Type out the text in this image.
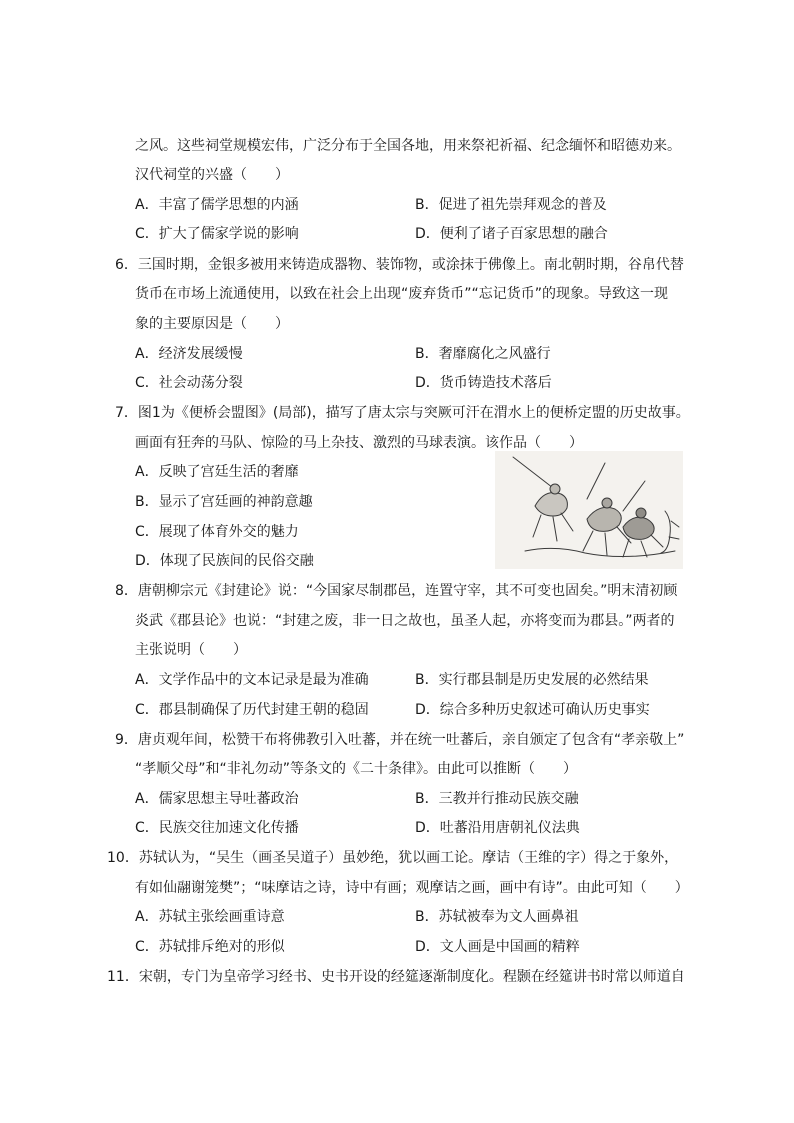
之风。这些祠堂规模宏伟，广泛分布于全国各地，用来祭祀祈福、纪念缅怀和昭德劝来。
汉代祠堂的兴盛（　　）
A．丰富了儒学思想的内涵	B．促进了祖先崇拜观念的普及
C．扩大了儒家学说的影响	D．便利了诸子百家思想的融合
6．三国时期，金银多被用来铸造成器物、装饰物，或涂抹于佛像上。南北朝时期，谷帛代替
货币在市场上流通使用，以致在社会上出现“废弃货币”“忘记货币”的现象。导致这一现
象的主要原因是（　　）
A．经济发展缓慢	B．奢靡腐化之风盛行
C．社会动荡分裂	D．货币铸造技术落后
7．图1为《便桥会盟图》(局部)，描写了唐太宗与突厥可汗在渭水上的便桥定盟的历史故事。
画面有狂奔的马队、惊险的马上杂技、激烈的马球表演。该作品（　　）
A．反映了宫廷生活的奢靡
B．显示了宫廷画的神韵意趣
C．展现了体育外交的魅力
D．体现了民族间的民俗交融
8．唐朝柳宗元《封建论》说：“今国家尽制郡邑，连置守宰，其不可变也固矣。”明末清初顾
炎武《郡县论》也说：“封建之废，非一日之故也，虽圣人起，亦将变而为郡县。”两者的
主张说明（　　）
A．文学作品中的文本记录是最为准确	B．实行郡县制是历史发展的必然结果
C．郡县制确保了历代封建王朝的稳固	D．综合多种历史叙述可确认历史事实
9．唐贞观年间，松赞干布将佛教引入吐蕃，并在统一吐蕃后，亲自颁定了包含有“孝亲敬上”
“孝顺父母”和“非礼勿动”等条文的《二十条律》。由此可以推断（　　）
A．儒家思想主导吐蕃政治	B．三教并行推动民族交融
C．民族交往加速文化传播	D．吐蕃沿用唐朝礼仪法典
10．苏轼认为，“吴生（画圣吴道子）虽妙绝，犹以画工论。摩诘（王维的字）得之于象外，
有如仙翮谢笼樊”；“味摩诘之诗，诗中有画；观摩诘之画，画中有诗”。由此可知（　　）
A．苏轼主张绘画重诗意	B．苏轼被奉为文人画鼻祖
C．苏轼排斥绝对的形似	D．文人画是中国画的精粹
11．宋朝，专门为皇帝学习经书、史书开设的经筵逐渐制度化。程颢在经筵讲书时常以师道自
